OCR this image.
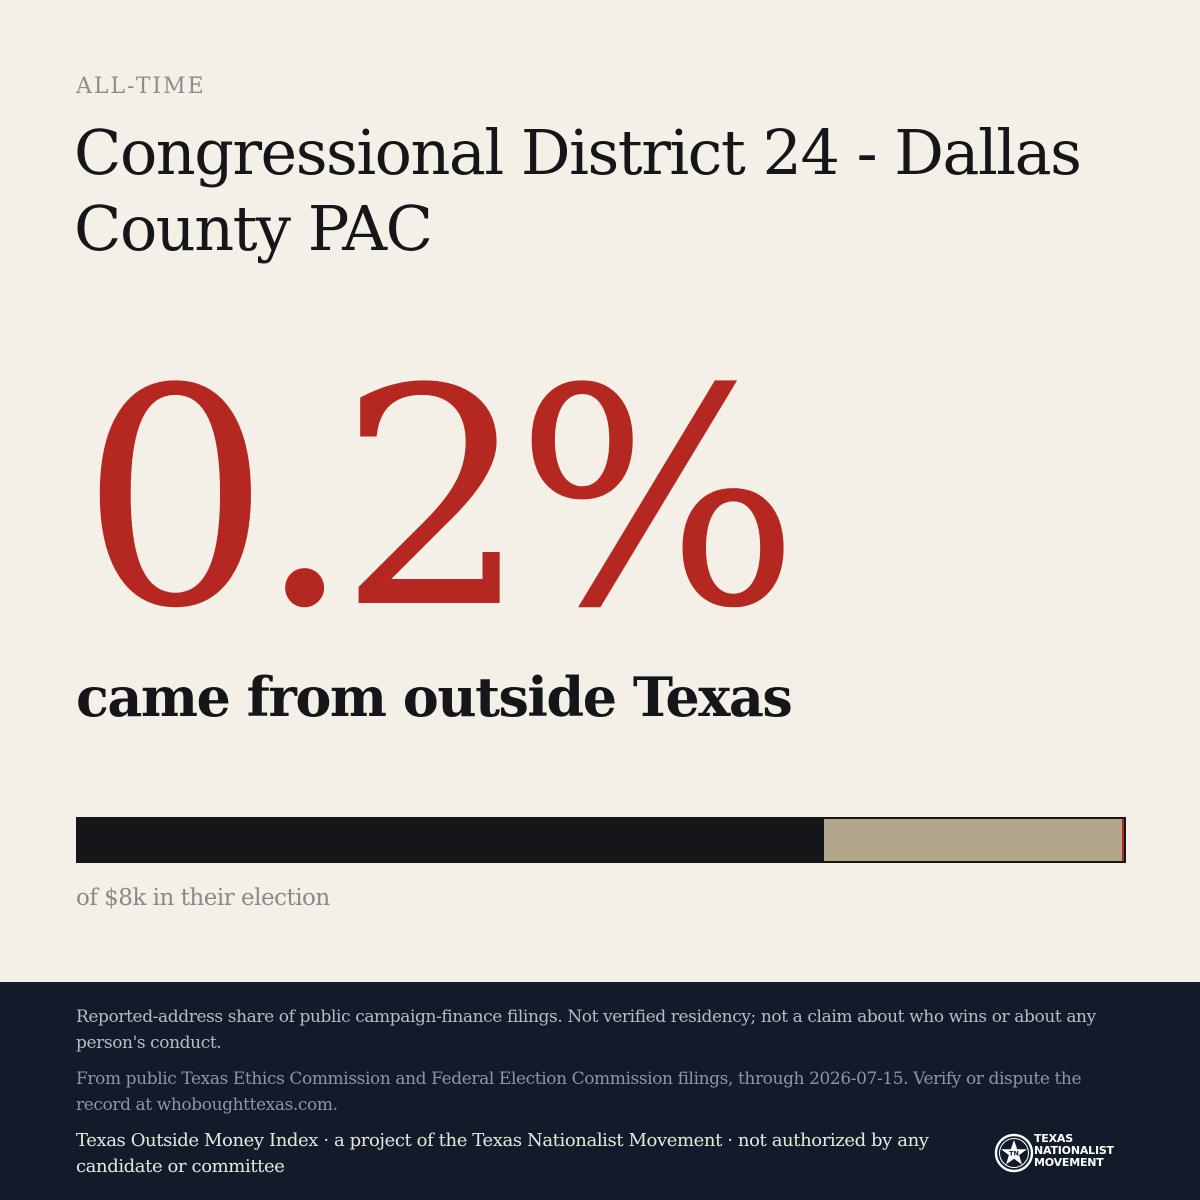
ALL-TIME

Congressional District 24 - Dallas County PAC

0.2%

came from outside Texas

of $8k in their election

Reported-address share of public campaign-finance filings. Not verified residency; not a claim about who wins or about any person's conduct.

From public Texas Ethics Commission and Federal Election Commission filings, through 2026-07-15. Verify or dispute the record at whoboughttexas.com.

Texas Outside Money Index · a project of the Texas Nationalist Movement · not authorized by any candidate or committee

TN
TEXAS
NATIONALIST
MOVEMENT
